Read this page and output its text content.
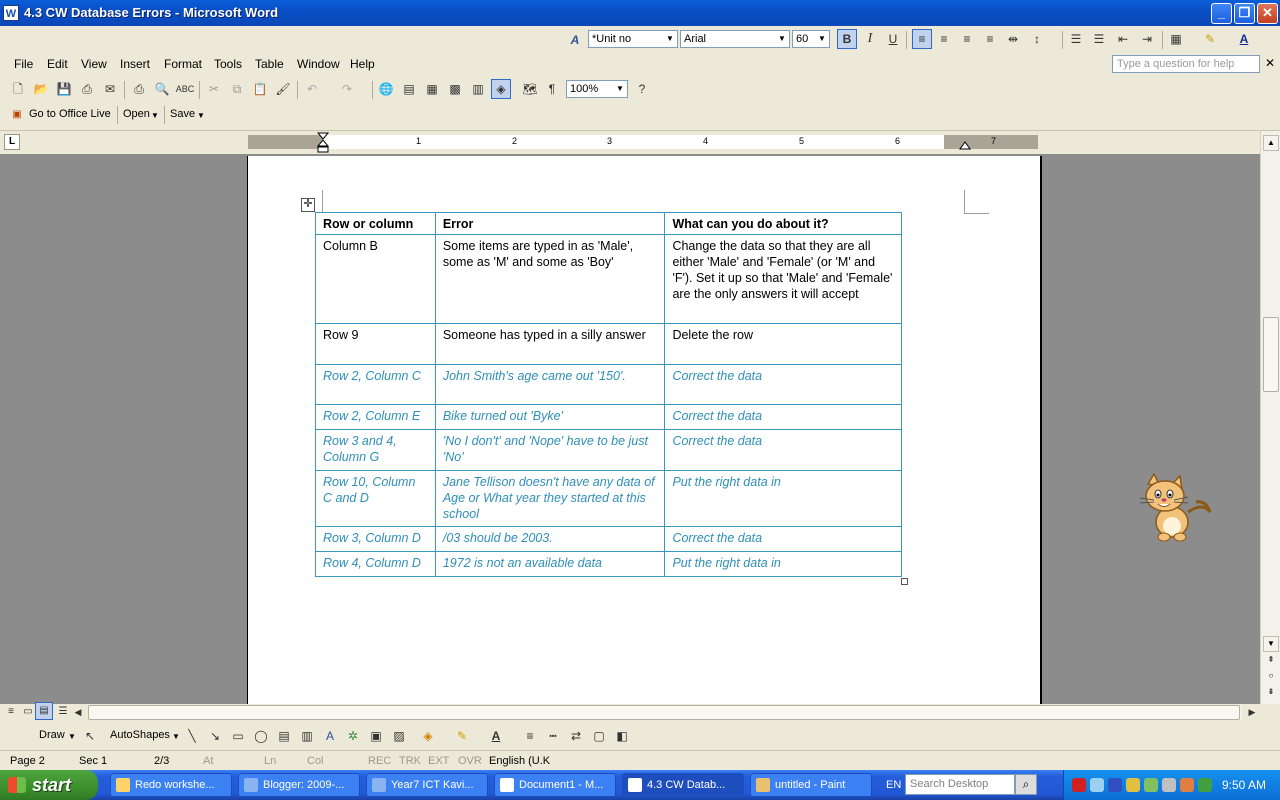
W 4.3 CW Database Errors - Microsoft Word	_	❐ ✕
A	*Unit no	▼ Arial	▼ 60 ▼	B	I	U	≡	≡	≡	≡	⇹	↕	☰	☰	⇤	⇥	▦	✎	A
File Edit View Insert Format Tools Table Window Help	Type a question for help	✕
🗋 📂 💾 ⎙	✉	⎙ 🔍 ABC	✂	⧉ 📋 🖌	↶	↷	🌐 ▤ ▦ ▩ ▥	◈	🗺 ¶	100% ▼	?
▣ Go to Office Live Open ▼ Save ▼
L	1	2	3	4	5	6	7
✛
Row or column	Error	What can you do about it?
Column B	Some items are typed in as 'Male', some as 'M' and some as 'Boy'	Change the data so that they are all either 'Male' and 'Female' (or 'M' and 'F'). Set it up so that 'Male' and 'Female' are the only answers it will accept
Row 9	Someone has typed in a silly answer	Delete the row
Row 2, Column C	John Smith's age came out '150'.	Correct the data
Row 2, Column E	Bike turned out 'Byke'	Correct the data
Row 3 and 4, Column G	'No I don't' and 'Nope' have to be just 'No'	Correct the data
Row 10, Column C and D	Jane Tellison doesn't have any data of Age or What year they started at this school	Put the right data in
Row 3, Column D	/03 should be 2003.	Correct the data
Row 4, Column D	1972 is not an available data	Put the right data in
▲
▼
⇞
○
⇟
≡ ▭ ▤ ☰ ◀	▶
Draw ▼ ↖	AutoShapes ▼ ╲	↘	▭ ◯ ▤ ▥	A	✲	▣ ▨	◈	✎	A	≡	┅	⇄	▢ ◧
Page 2	Sec 1	2/3	At	Ln	Col	REC TRK EXT OVR English (U.K
start	Redo workshe...	Blogger: 2009-...	Year7 ICT Kavi...	Document1 - M...	4.3 CW Datab...	untitled - Paint	EN Search Desktop	⌕	9:50 AM
